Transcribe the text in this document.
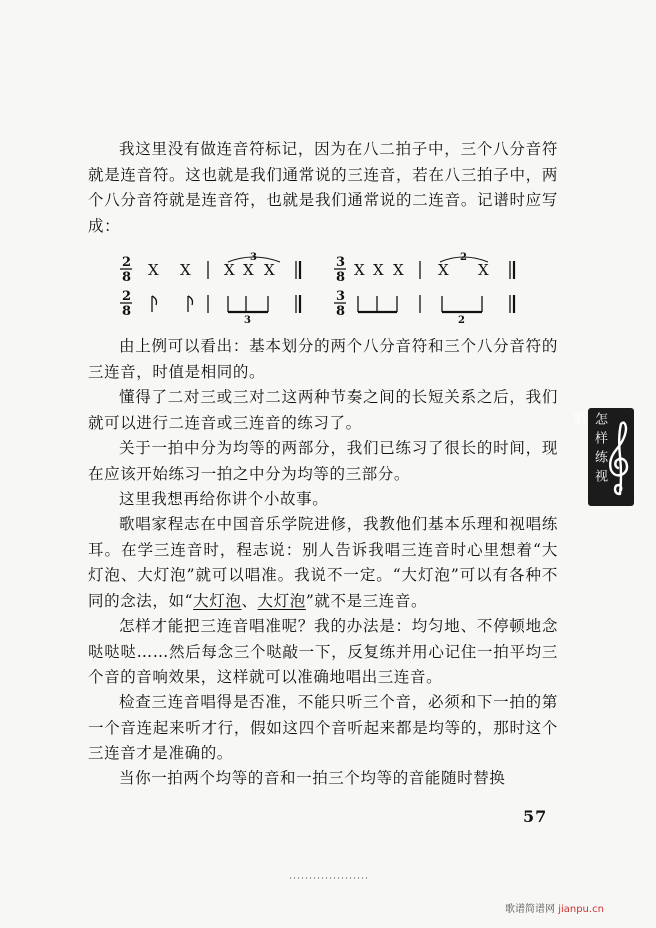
我这里没有做连音符标记，因为在八二拍子中，三个八分音符就是连音符。这也就是我们通常说的三连音，若在八三拍子中，两个八分音符就是连音符，也就是我们通常说的二连音。记谱时应写成：

2
8 X X
3
X X X	3
8 X X X
2
X X
2
8
3
3
8
2

由上例可以看出：基本划分的两个八分音符和三个八分音符的三连音，时值是相同的。

懂得了二对三或三对二这两种节奏之间的长短关系之后，我们就可以进行二连音或三连音的练习了。

关于一拍中分为均等的两部分，我们已练习了很长的时间，现在应该开始练习一拍之中分为均等的三部分。

这里我想再给你讲个小故事。

歌唱家程志在中国音乐学院进修，我教他们基本乐理和视唱练耳。在学三连音时，程志说：别人告诉我唱三连音时心里想着“大灯泡、大灯泡”就可以唱准。我说不一定。“大灯泡”可以有各种不同的念法，如“大灯泡、大灯泡”就不是三连音。

怎样才能把三连音唱准呢？我的办法是：均匀地、不停顿地念哒哒哒……然后每念三个哒敲一下，反复练并用心记住一拍平均三个音的音响效果，这样就可以准确地唱出三连音。

检查三连音唱得是否准，不能只听三个音，必须和下一拍的第一个音连起来听才行，假如这四个音听起来都是均等的，那时这个三连音才是准确的。

当你一拍两个均等的音和一拍三个均等的音能随时替换

怎样练视唱
57
歌谱简谱网 jianpu.cn
